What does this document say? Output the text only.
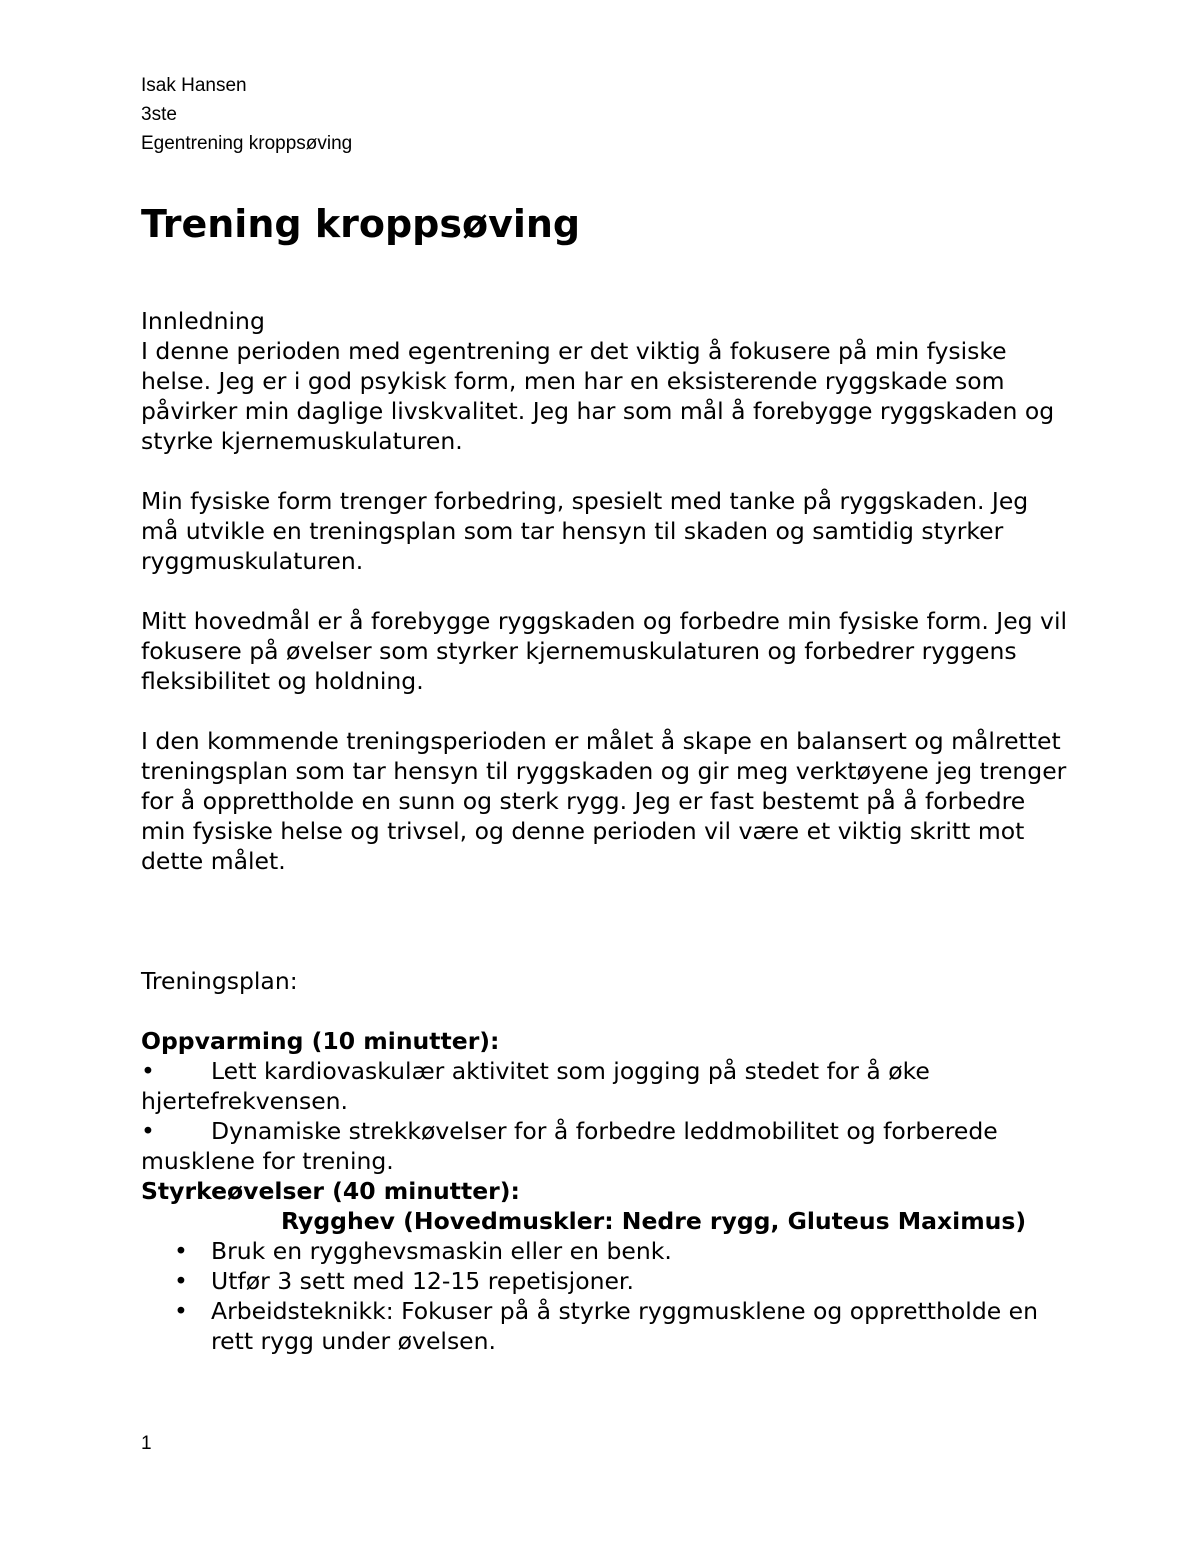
Isak Hansen
3ste
Egentrening kroppsøving
Trening kroppsøving

Innledning

I denne perioden med egentrening er det viktig å fokusere på min fysiske helse. Jeg er i god psykisk form, men har en eksisterende ryggskade som påvirker min daglige livskvalitet. Jeg har som mål å forebygge ryggskaden og styrke kjernemuskulaturen.

Min fysiske form trenger forbedring, spesielt med tanke på ryggskaden. Jeg må utvikle en treningsplan som tar hensyn til skaden og samtidig styrker ryggmuskulaturen.

Mitt hovedmål er å forebygge ryggskaden og forbedre min fysiske form. Jeg vil fokusere på øvelser som styrker kjernemuskulaturen og forbedrer ryggens fleksibilitet og holdning.

I den kommende treningsperioden er målet å skape en balansert og målrettet treningsplan som tar hensyn til ryggskaden og gir meg verktøyene jeg trenger for å opprettholde en sunn og sterk rygg. Jeg er fast bestemt på å forbedre min fysiske helse og trivsel, og denne perioden vil være et viktig skritt mot dette målet.

Treningsplan:

Oppvarming (10 minutter):

• Lett kardiovaskulær aktivitet som jogging på stedet for å øke hjertefrekvensen.

• Dynamiske strekkøvelser for å forbedre leddmobilitet og forberede musklene for trening.

Styrkeøvelser (40 minutter):

Rygghev (Hovedmuskler: Nedre rygg, Gluteus Maximus)

• Bruk en rygghevsmaskin eller en benk.
• Utfør 3 sett med 12-15 repetisjoner.
• Arbeidsteknikk: Fokuser på å styrke ryggmusklene og opprettholde en rett rygg under øvelsen.
1
